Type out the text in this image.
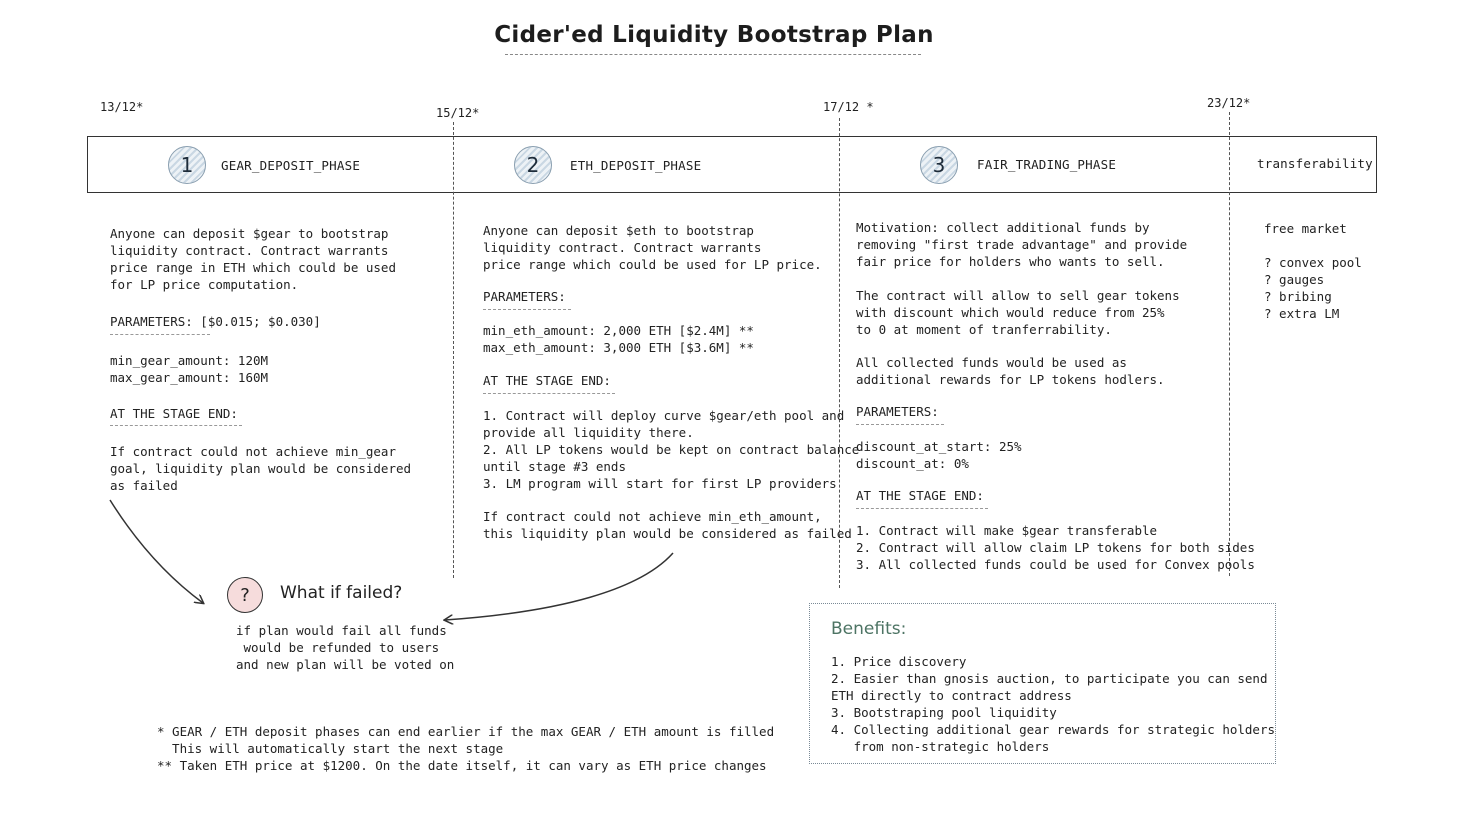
Cider'ed Liquidity Bootstrap Plan
13/12*	15/12*	17/12 *	23/12*
1	GEAR_DEPOSIT_PHASE	2	ETH_DEPOSIT_PHASE	3	FAIR_TRADING_PHASE	transferability
Anyone can deposit $gear to bootstrap
liquidity contract. Contract warrants
price range in ETH which could be used
for LP price computation.
PARAMETERS: [$0.015; $0.030]
min_gear_amount: 120M
max_gear_amount: 160M
AT THE STAGE END:
If contract could not achieve min_gear
goal, liquidity plan would be considered
as failed
Anyone can deposit $eth to bootstrap
liquidity contract. Contract warrants
price range which could be used for LP price.
PARAMETERS:
min_eth_amount: 2,000 ETH [$2.4M] **
max_eth_amount: 3,000 ETH [$3.6M] **
AT THE STAGE END:
1. Contract will deploy curve $gear/eth pool and
provide all liquidity there.
2. All LP tokens would be kept on contract balance
until stage #3 ends
3. LM program will start for first LP providers
If contract could not achieve min_eth_amount,
this liquidity plan would be considered as failed
Motivation: collect additional funds by
removing "first trade advantage" and provide
fair price for holders who wants to sell.
The contract will allow to sell gear tokens
with discount which would reduce from 25%
to 0 at moment of tranferrability.
All collected funds would be used as
additional rewards for LP tokens hodlers.
PARAMETERS:
discount_at_start: 25%
discount_at: 0%
AT THE STAGE END:
1. Contract will make $gear transferable
2. Contract will allow claim LP tokens for both sides
3. All collected funds could be used for Convex pools
free market
? convex pool
? gauges
? bribing
? extra LM
?	What if failed?
if plan would fail all funds
would be refunded to users
and new plan will be voted on
Benefits:
1. Price discovery
2. Easier than gnosis auction, to participate you can send
ETH directly to contract address
3. Bootstraping pool liquidity
4. Collecting additional gear rewards for strategic holders
from non-strategic holders
* GEAR / ETH deposit phases can end earlier if the max GEAR / ETH amount is filled
This will automatically start the next stage
** Taken ETH price at $1200. On the date itself, it can vary as ETH price changes
